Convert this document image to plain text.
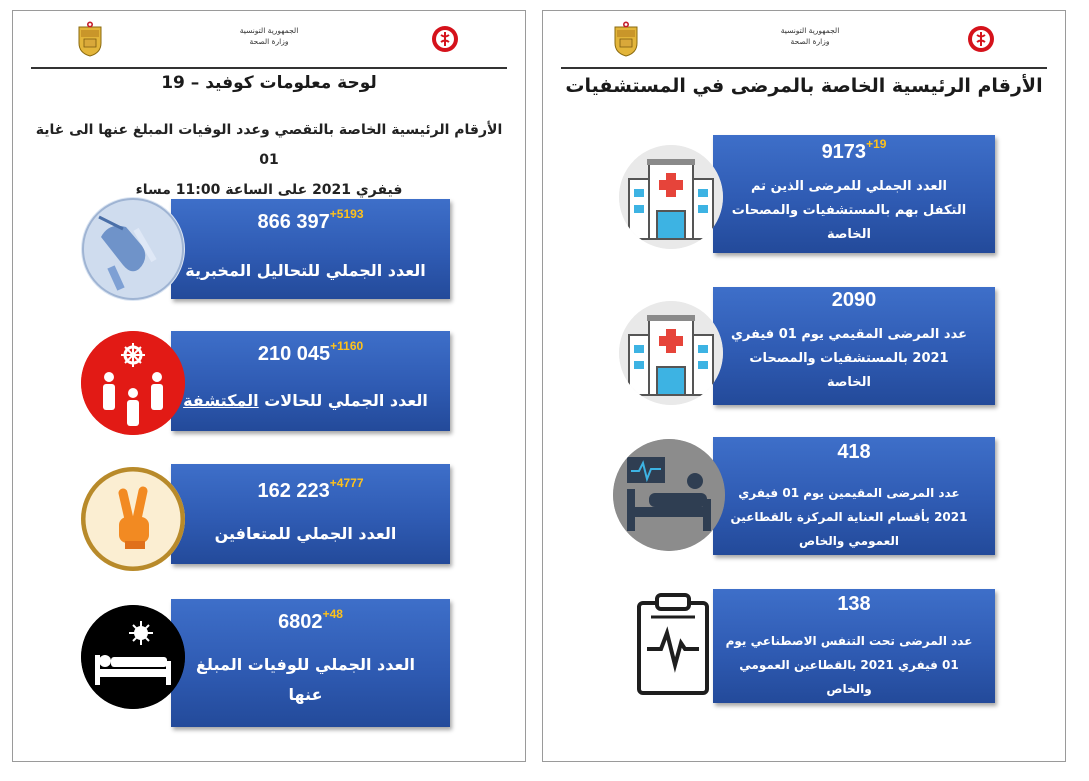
الجمهورية التونسية
وزارة الصحة
لوحة معلومات كوفيد – 19
الأرقام الرئيسية الخاصة بالتقصي وعدد الوفيات المبلغ عنها الى غاية 01
فيفري 2021 على الساعة 11:00 مساء
866 $397^{+5193}$
العدد الجملي للتحاليل المخبرية
210 $045^{+1160}$
العدد الجملي للحالات المكتشفة
162 $223^{+4777}$
العدد الجملي للمتعافين
$6802^{+48}$
العدد الجملي للوفيات المبلغ
عنها
الجمهورية التونسية
وزارة الصحة
الأرقام الرئيسية الخاصة بالمرضى في المستشفيات
$9173^{+19}$
العدد الجملي للمرضى الذين تم
التكفل بهم بالمستشفيات والمصحات
الخاصة
2090
عدد المرضى المقيمي يوم 01 فيفري
2021 بالمستشفيات والمصحات
الخاصة
418
عدد المرضى المقيمين يوم 01 فيفري
2021 بأقسام العناية المركزة بالقطاعين
العمومي والخاص
138
عدد المرضى تحت التنفس الاصطناعي يوم
01 فيفري 2021 بالقطاعين العمومي
والخاص
